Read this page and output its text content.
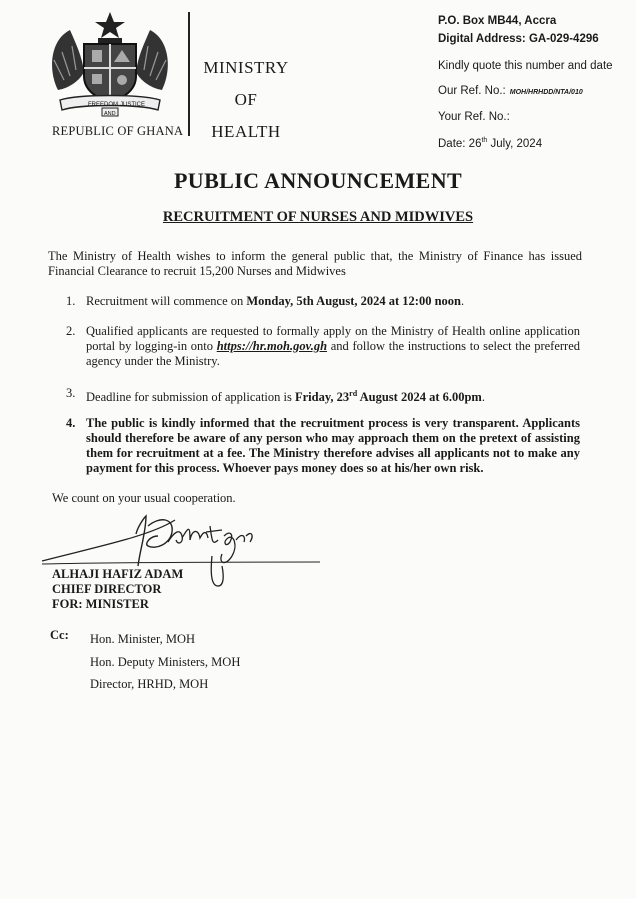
FREEDOM JUSTICE
AND
REPUBLIC OF GHANA
MINISTRY
OF
HEALTH
P.O. Box MB44, Accra
Digital Address: GA-029-4296
Kindly quote this number and date
Our Ref. No.: MOH/HRHDD/NTA/010
Your Ref. No.:
Date: 26th July, 2024
PUBLIC ANNOUNCEMENT
RECRUITMENT OF NURSES AND MIDWIVES
The Ministry of Health wishes to inform the general public that, the Ministry of Finance has issued Financial Clearance to recruit 15,200 Nurses and Midwives
1. Recruitment will commence on Monday, 5th August, 2024 at 12:00 noon.
2. Qualified applicants are requested to formally apply on the Ministry of Health online application portal by logging-in onto https://hr.moh.gov.gh and follow the instructions to select the preferred agency under the Ministry.
3. Deadline for submission of application is Friday, 23rd August 2024 at 6.00pm.
4. The public is kindly informed that the recruitment process is very transparent. Applicants should therefore be aware of any person who may approach them on the pretext of assisting them for recruitment at a fee. The Ministry therefore advises all applicants not to make any payment for this process. Whoever pays money does so at his/her own risk.
We count on your usual cooperation.
ALHAJI HAFIZ ADAM
CHIEF DIRECTOR
FOR: MINISTER
Cc: Hon. Minister, MOH
Hon. Deputy Ministers, MOH
Director, HRHD, MOH
